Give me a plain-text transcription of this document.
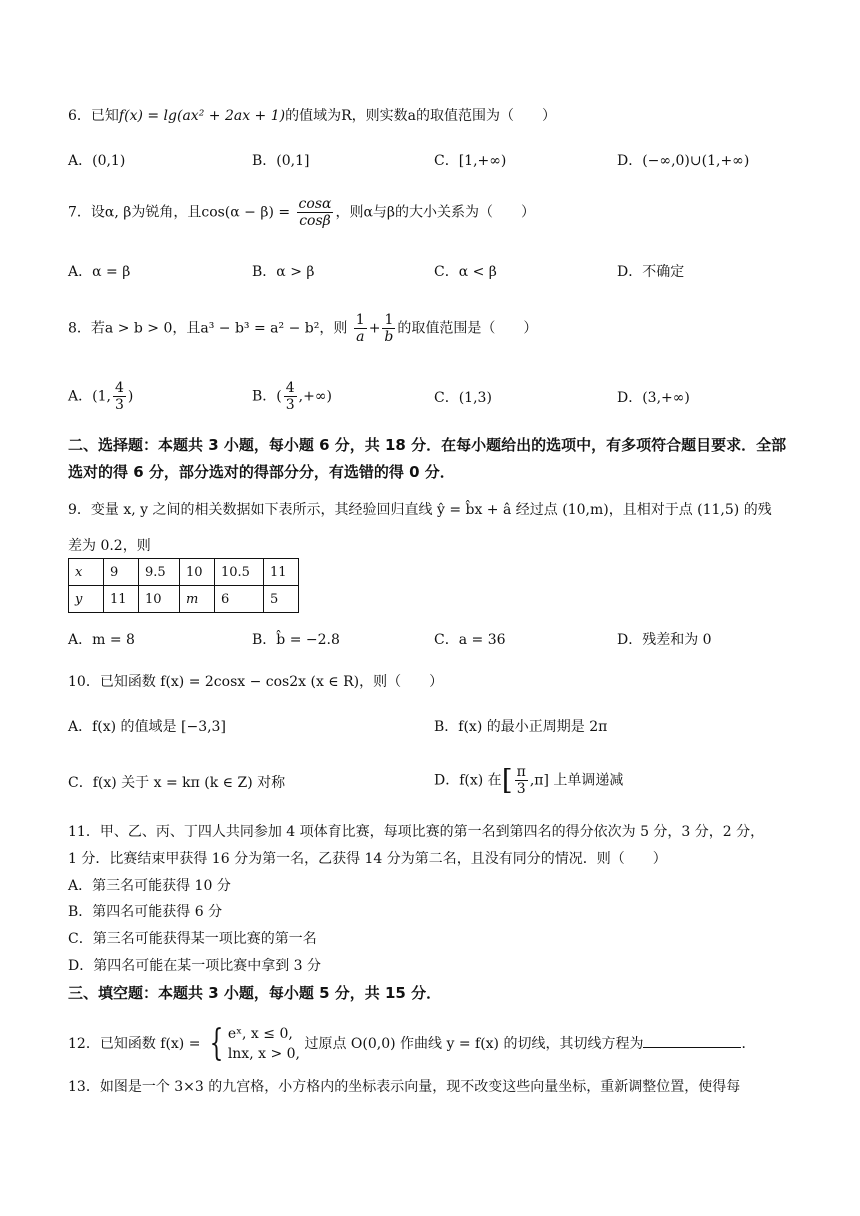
6．已知f(x) = lg(ax² + 2ax + 1)的值域为R，则实数a的取值范围为（　　）
A．(0,1)	B．(0,1]	C．[1,+∞)	D．(−∞,0)∪(1,+∞)
7．设α, β为锐角，且$\cos(\alpha - \beta) = \frac{\cos\alpha}{\cos\beta}$ ，则α与β的大小关系为（　　）
A．α = β	B．α > β	C．α < β	D．不确定
8．若a > b > 0，且a³ − b³ = a² − b²，则 $\frac{1}{a} + \frac{1}{b}$ 的取值范围是（　　）
A．(1, $\frac{4}{3}$ )	B．( $\frac{4}{3}$ ,+∞)	C．(1,3)	D．(3,+∞)
二、选择题：本题共 3 小题，每小题 6 分，共 18 分．在每小题给出的选项中，有多项符合题目要求．全部选对的得 6 分，部分选对的得部分分，有选错的得 0 分．
9．变量 x, y 之间的相关数据如下表所示，其经验回归直线 ŷ = b̂x + â 经过点 (10,m)，且相对于点 (11,5) 的残
差为 0.2，则
x	9	9.5	10	10.5	11
y	11	10	m	6	5
A．m = 8	B．b̂ = −2.8	C．a = 36	D．残差和为 0
10．已知函数 f(x) = 2cosx − cos2x (x ∈ R)，则（　　）
A．f(x) 的值域是 [−3,3]	B．f(x) 的最小正周期是 2π
C．f(x) 关于 x = kπ (k ∈ Z) 对称	D．f(x) 在[ $\frac{\pi}{3} ,\pi$] 上单调递减
11．甲、乙、丙、丁四人共同参加 4 项体育比赛，每项比赛的第一名到第四名的得分依次为 5 分，3 分，2 分，
1 分．比赛结束甲获得 16 分为第一名，乙获得 14 分为第二名，且没有同分的情况．则（　　）
A．第三名可能获得 10 分
B．第四名可能获得 6 分
C．第三名可能获得某一项比赛的第一名
D．第四名可能在某一项比赛中拿到 3 分
三、填空题：本题共 3 小题，每小题 5 分，共 15 分．
12．已知函数 f(x) = { eˣ, x ≤ 0,
lnx, x > 0,
过原点 O(0,0) 作曲线 y = f(x) 的切线，其切线方程为	．
13．如图是一个 3×3 的九宫格，小方格内的坐标表示向量，现不改变这些向量坐标，重新调整位置，使得每
